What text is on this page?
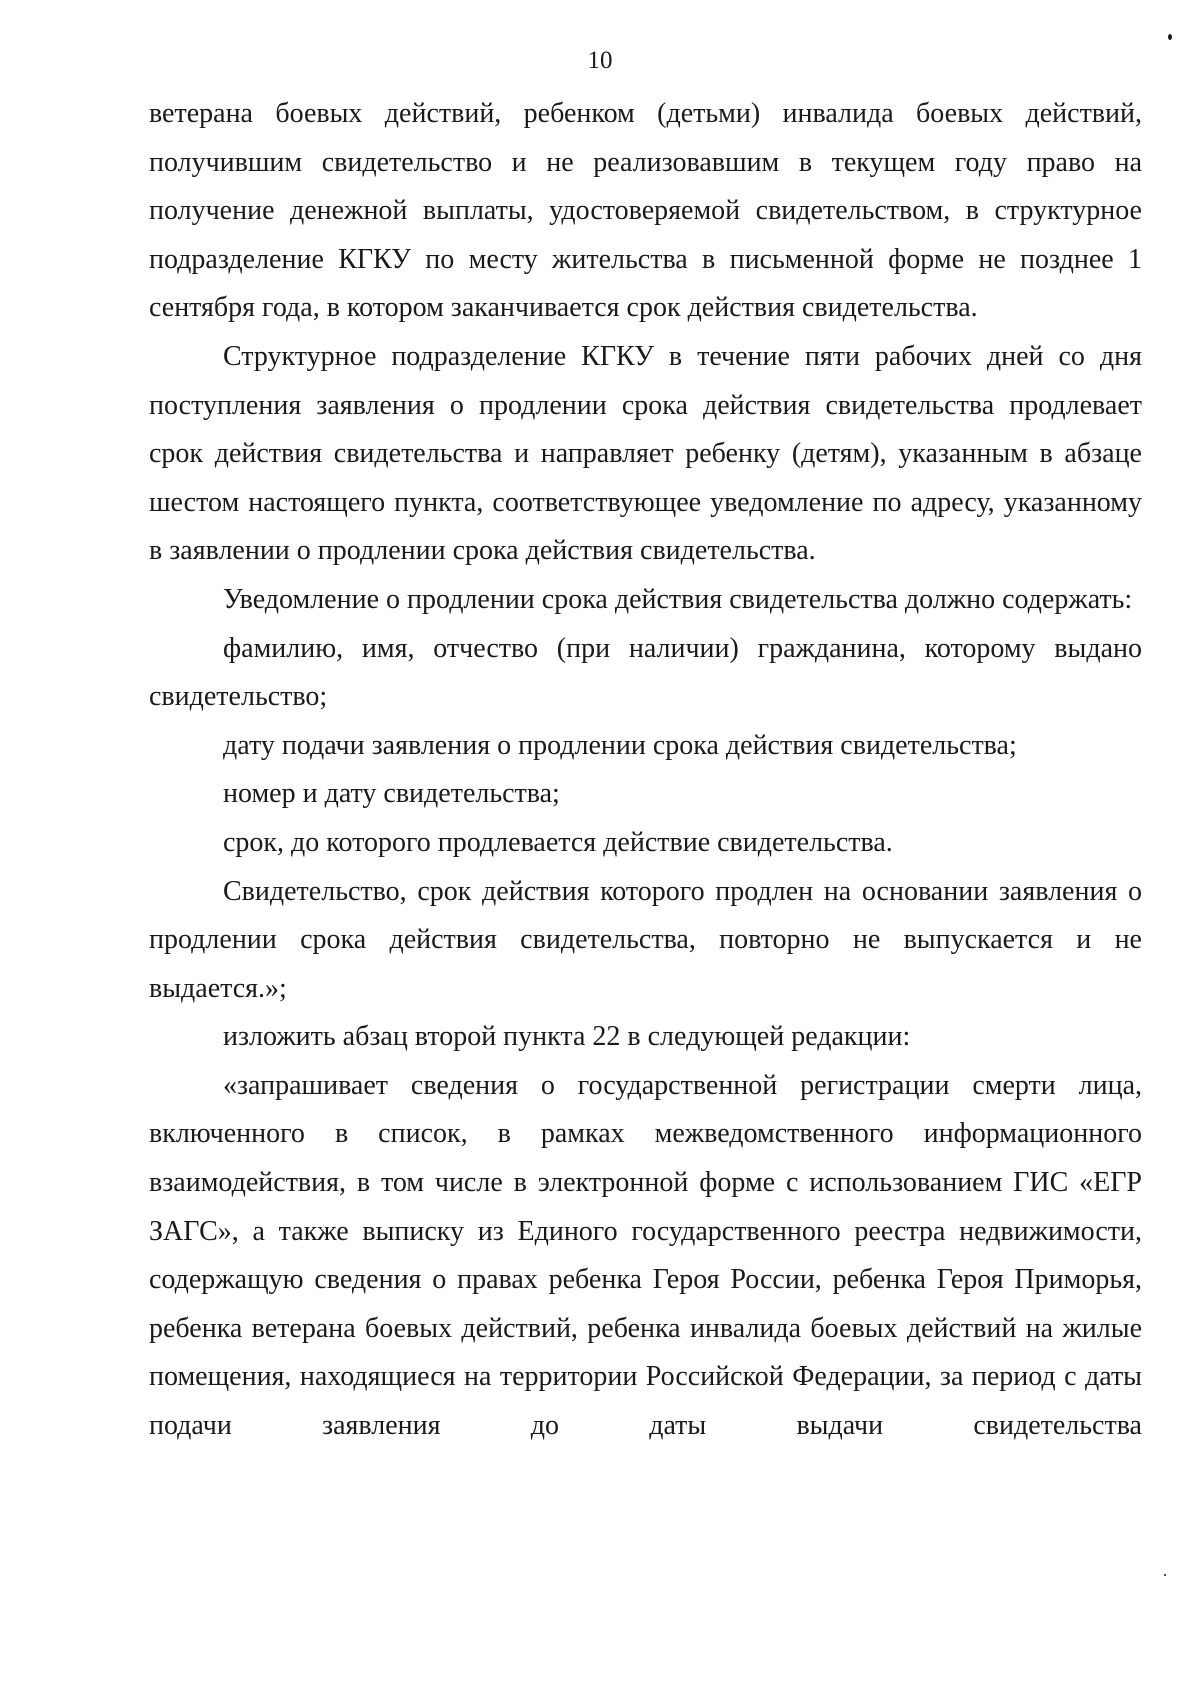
10

ветерана боевых действий, ребенком (детьми) инвалида боевых действий, получившим свидетельство и не реализовавшим в текущем году право на получение денежной выплаты, удостоверяемой свидетельством, в структурное подразделение КГКУ по месту жительства в письменной форме не позднее 1 сентября года, в котором заканчивается срок действия свидетельства.

Структурное подразделение КГКУ в течение пяти рабочих дней со дня поступления заявления о продлении срока действия свидетельства продлевает срок действия свидетельства и направляет ребенку (детям), указанным в абзаце шестом настоящего пункта, соответствующее уведомление по адресу, указанному в заявлении о продлении срока действия свидетельства.

Уведомление о продлении срока действия свидетельства должно содержать:

фамилию, имя, отчество (при наличии) гражданина, которому выдано свидетельство;

дату подачи заявления о продлении срока действия свидетельства;

номер и дату свидетельства;

срок, до которого продлевается действие свидетельства.

Свидетельство, срок действия которого продлен на основании заявления о продлении срока действия свидетельства, повторно не выпускается и не выдается.»;

изложить абзац второй пункта 22 в следующей редакции:

«запрашивает сведения о государственной регистрации смерти лица, включенного в список, в рамках межведомственного информационного взаимодействия, в том числе в электронной форме с использованием ГИС «ЕГР ЗАГС», а также выписку из Единого государственного реестра недвижимости, содержащую сведения о правах ребенка Героя России, ребенка Героя Приморья, ребенка ветерана боевых действий, ребенка инвалида боевых действий на жилые помещения, находящиеся на территории Российской Федерации, за период с даты подачи заявления до даты выдачи свидетельства
